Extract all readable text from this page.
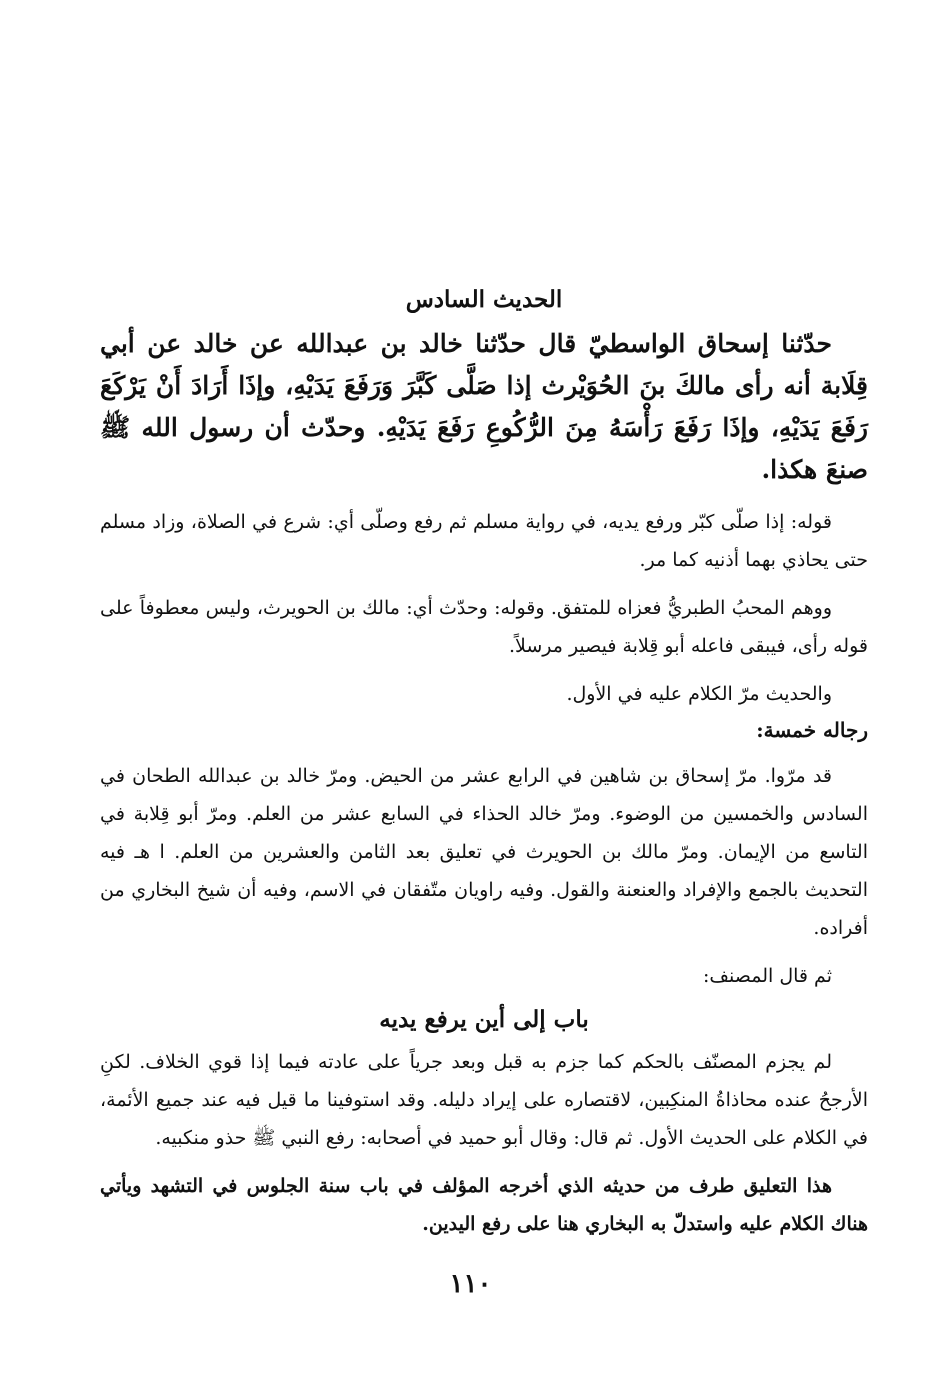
الحديث السادس

حدّثنا إسحاق الواسطيّ قال حدّثنا خالد بن عبدالله عن خالد عن أبي قِلَابة أنه رأى مالكَ بنَ الحُوَيْرث إذا صَلَّى كَبَّرَ وَرَفَعَ يَدَيْهِ، وإذَا أَرَادَ أَنْ يَرْكَعَ رَفَعَ يَدَيْهِ، وإذَا رَفَعَ رَأْسَهُ مِنَ الرُّكُوعِ رَفَعَ يَدَيْهِ. وحدّث أن رسول الله ﷺ صنعَ هكذا.

قوله: إذا صلّى كبّر ورفع يديه، في رواية مسلم ثم رفع وصلّى أي: شرع في الصلاة، وزاد مسلم حتى يحاذي بهما أذنيه كما مر.

ووهم المحبُ الطبريُّ فعزاه للمتفق. وقوله: وحدّث أي: مالك بن الحويرث، وليس معطوفاً على قوله رأى، فيبقى فاعله أبو قِلابة فيصير مرسلاً.

والحديث مرّ الكلام عليه في الأول.

رجاله خمسة:

قد مرّوا. مرّ إسحاق بن شاهين في الرابع عشر من الحيض. ومرّ خالد بن عبدالله الطحان في السادس والخمسين من الوضوء. ومرّ خالد الحذاء في السابع عشر من العلم. ومرّ أبو قِلابة في التاسع من الإيمان. ومرّ مالك بن الحويرث في تعليق بعد الثامن والعشرين من العلم. ا هـ فيه التحديث بالجمع والإفراد والعنعنة والقول. وفيه راويان متّفقان في الاسم، وفيه أن شيخ البخاري من أفراده.

ثم قال المصنف:

باب إلى أين يرفع يديه

لم يجزم المصنّف بالحكم كما جزم به قبل وبعد جرياً على عادته فيما إذا قوي الخلاف. لكنِ الأرجحُ عنده محاذاةُ المنكِبين، لاقتصاره على إيراد دليله. وقد استوفينا ما قيل فيه عند جميع الأئمة، في الكلام على الحديث الأول. ثم قال: وقال أبو حميد في أصحابه: رفع النبي ﷺ حذو منكبيه.

هذا التعليق طرف من حديثه الذي أخرجه المؤلف في باب سنة الجلوس في التشهد ويأتي هناك الكلام عليه واستدلّ به البخاري هنا على رفع اليدين.

١١٠
